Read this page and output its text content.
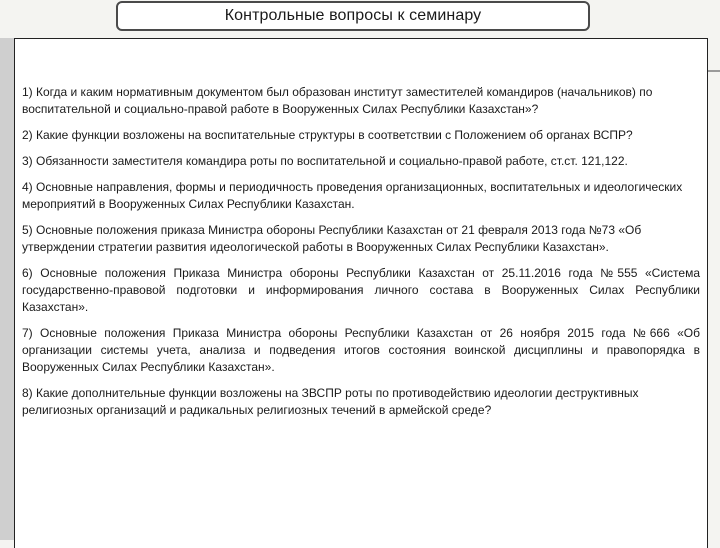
Контрольные вопросы к семинару

1) Когда и каким нормативным документом был образован институт заместителей командиров (начальников) по воспитательной и социально-правой работе в Вооруженных Силах Республики Казахстан»?

2) Какие функции возложены на воспитательные структуры в соответствии с Положением об органах ВСПР?

3) Обязанности заместителя командира роты по воспитательной и социально-правой работе, ст.ст. 121,122.

4) Основные направления, формы и периодичность проведения организационных, воспитательных и идеологических мероприятий в Вооруженных Силах Республики Казахстан.

5) Основные положения приказа Министра обороны Республики Казахстан от 21 февраля 2013 года №73 «Об утверждении стратегии развития идеологической работы в Вооруженных Силах Республики Казахстан».

6) Основные положения Приказа Министра обороны Республики Казахстан от 25.11.2016 года №555 «Система государственно-правовой подготовки и информирования личного состава в Вооруженных Силах Республики Казахстан».

7) Основные положения Приказа Министра обороны Республики Казахстан от 26 ноября 2015 года №666 «Об организации системы учета, анализа и подведения итогов состояния воинской дисциплины и правопорядка в Вооруженных Силах Республики Казахстан».

8) Какие дополнительные функции возложены на ЗВСПР роты по противодействию идеологии деструктивных религиозных организаций и радикальных религиозных течений в армейской среде?
